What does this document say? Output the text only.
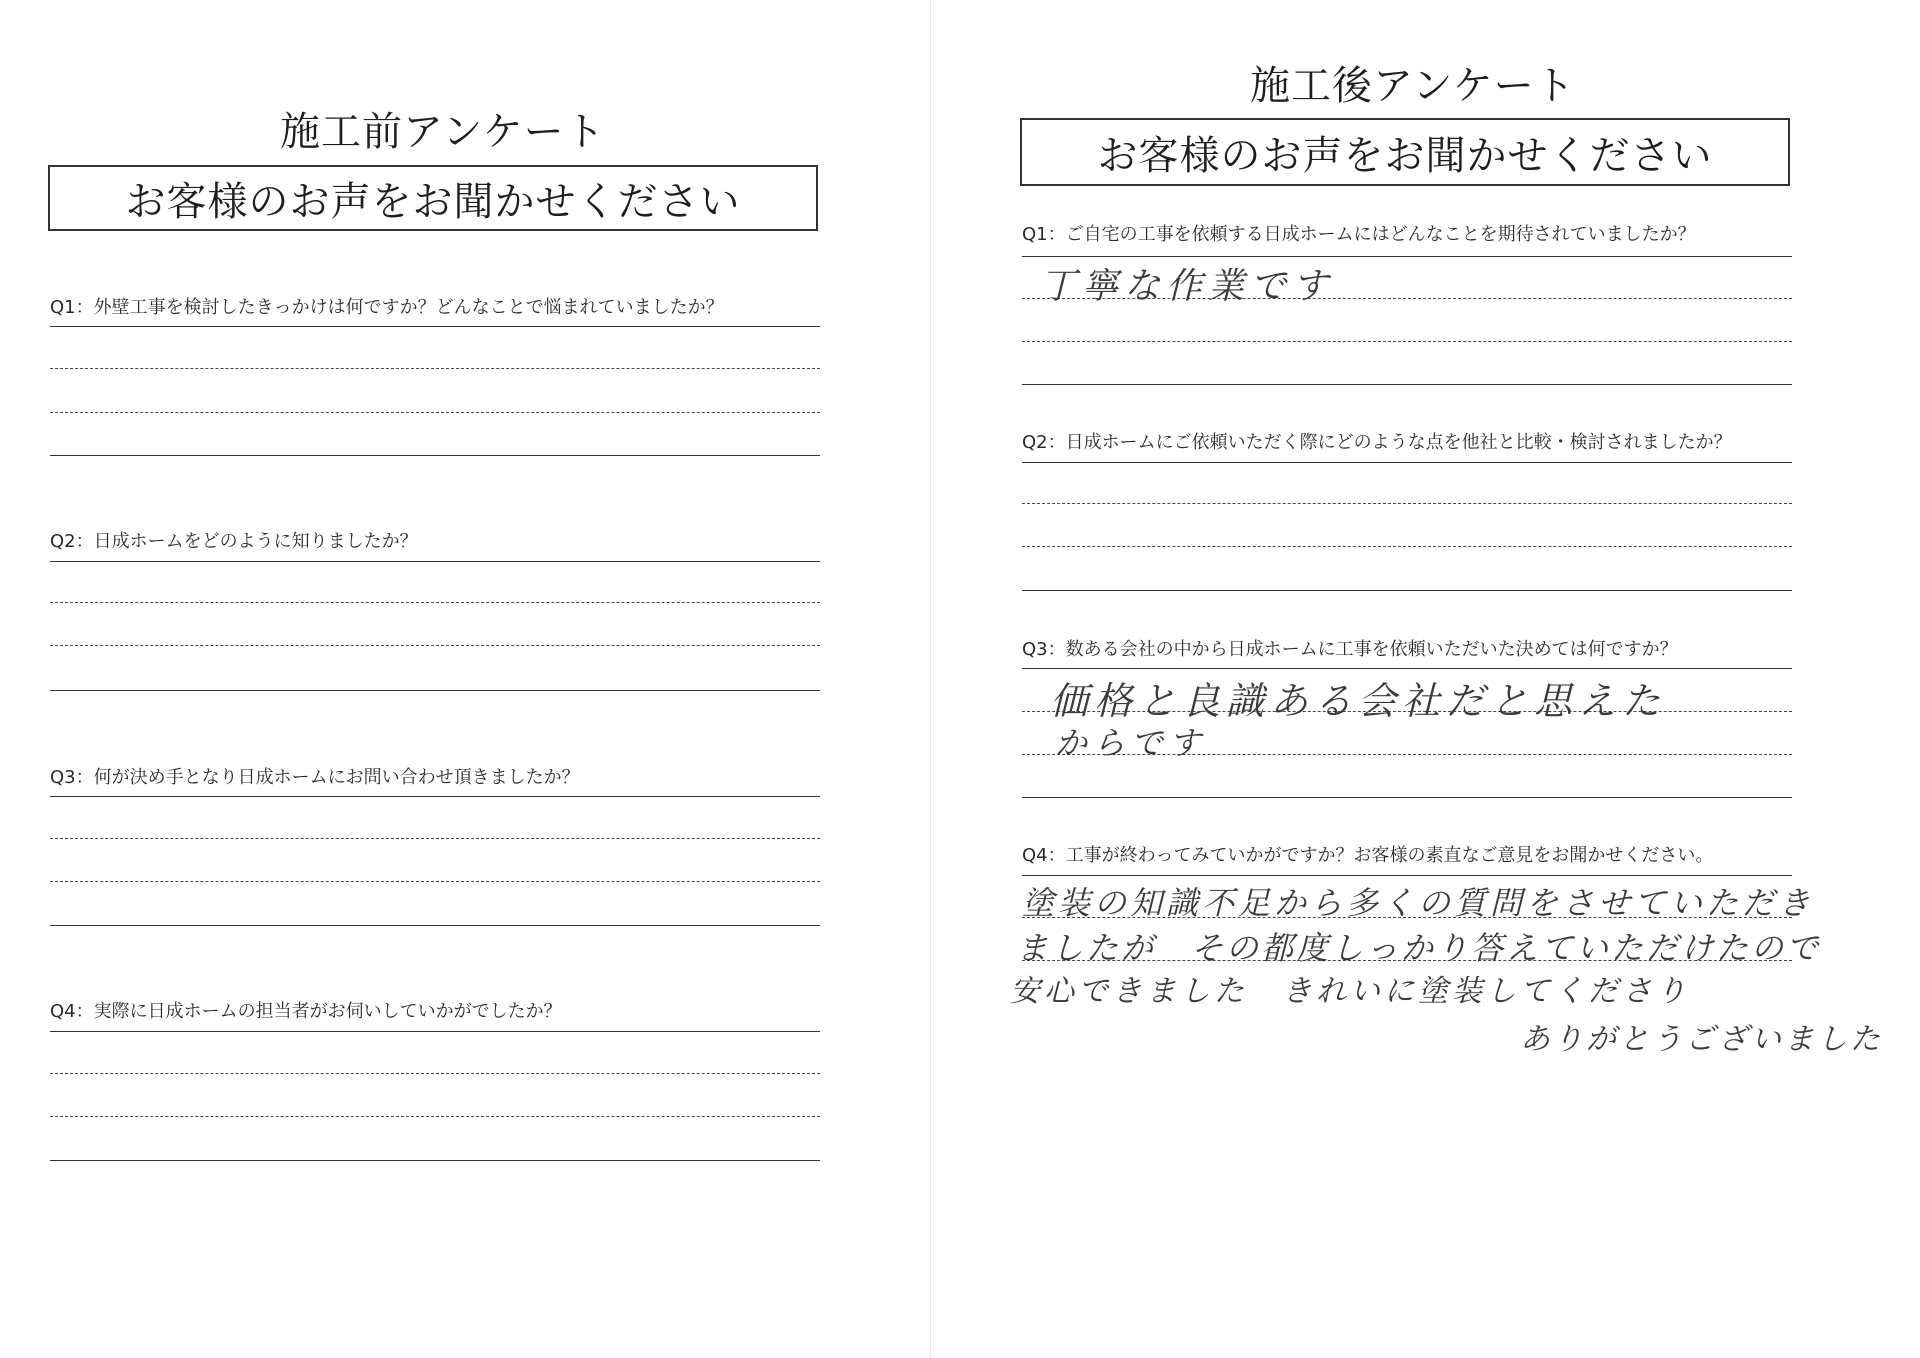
施工前アンケート
お客様のお声をお聞かせください
Q1：外壁工事を検討したきっかけは何ですか？どんなことで悩まれていましたか？
Q2：日成ホームをどのように知りましたか？
Q3：何が決め手となり日成ホームにお問い合わせ頂きましたか？
Q4：実際に日成ホームの担当者がお伺いしていかがでしたか？
施工後アンケート
お客様のお声をお聞かせください
Q1：ご自宅の工事を依頼する日成ホームにはどんなことを期待されていましたか？
丁寧な作業です
Q2：日成ホームにご依頼いただく際にどのような点を他社と比較・検討されましたか？
Q3：数ある会社の中から日成ホームに工事を依頼いただいた決めては何ですか？
価格と良識ある会社だと思えた
からです
Q4：工事が終わってみていかがですか？お客様の素直なご意見をお聞かせください。
塗装の知識不足から多くの質問をさせていただき
ましたが　その都度しっかり答えていただけたので
安心できました　きれいに塗装してくださり
ありがとうございました
